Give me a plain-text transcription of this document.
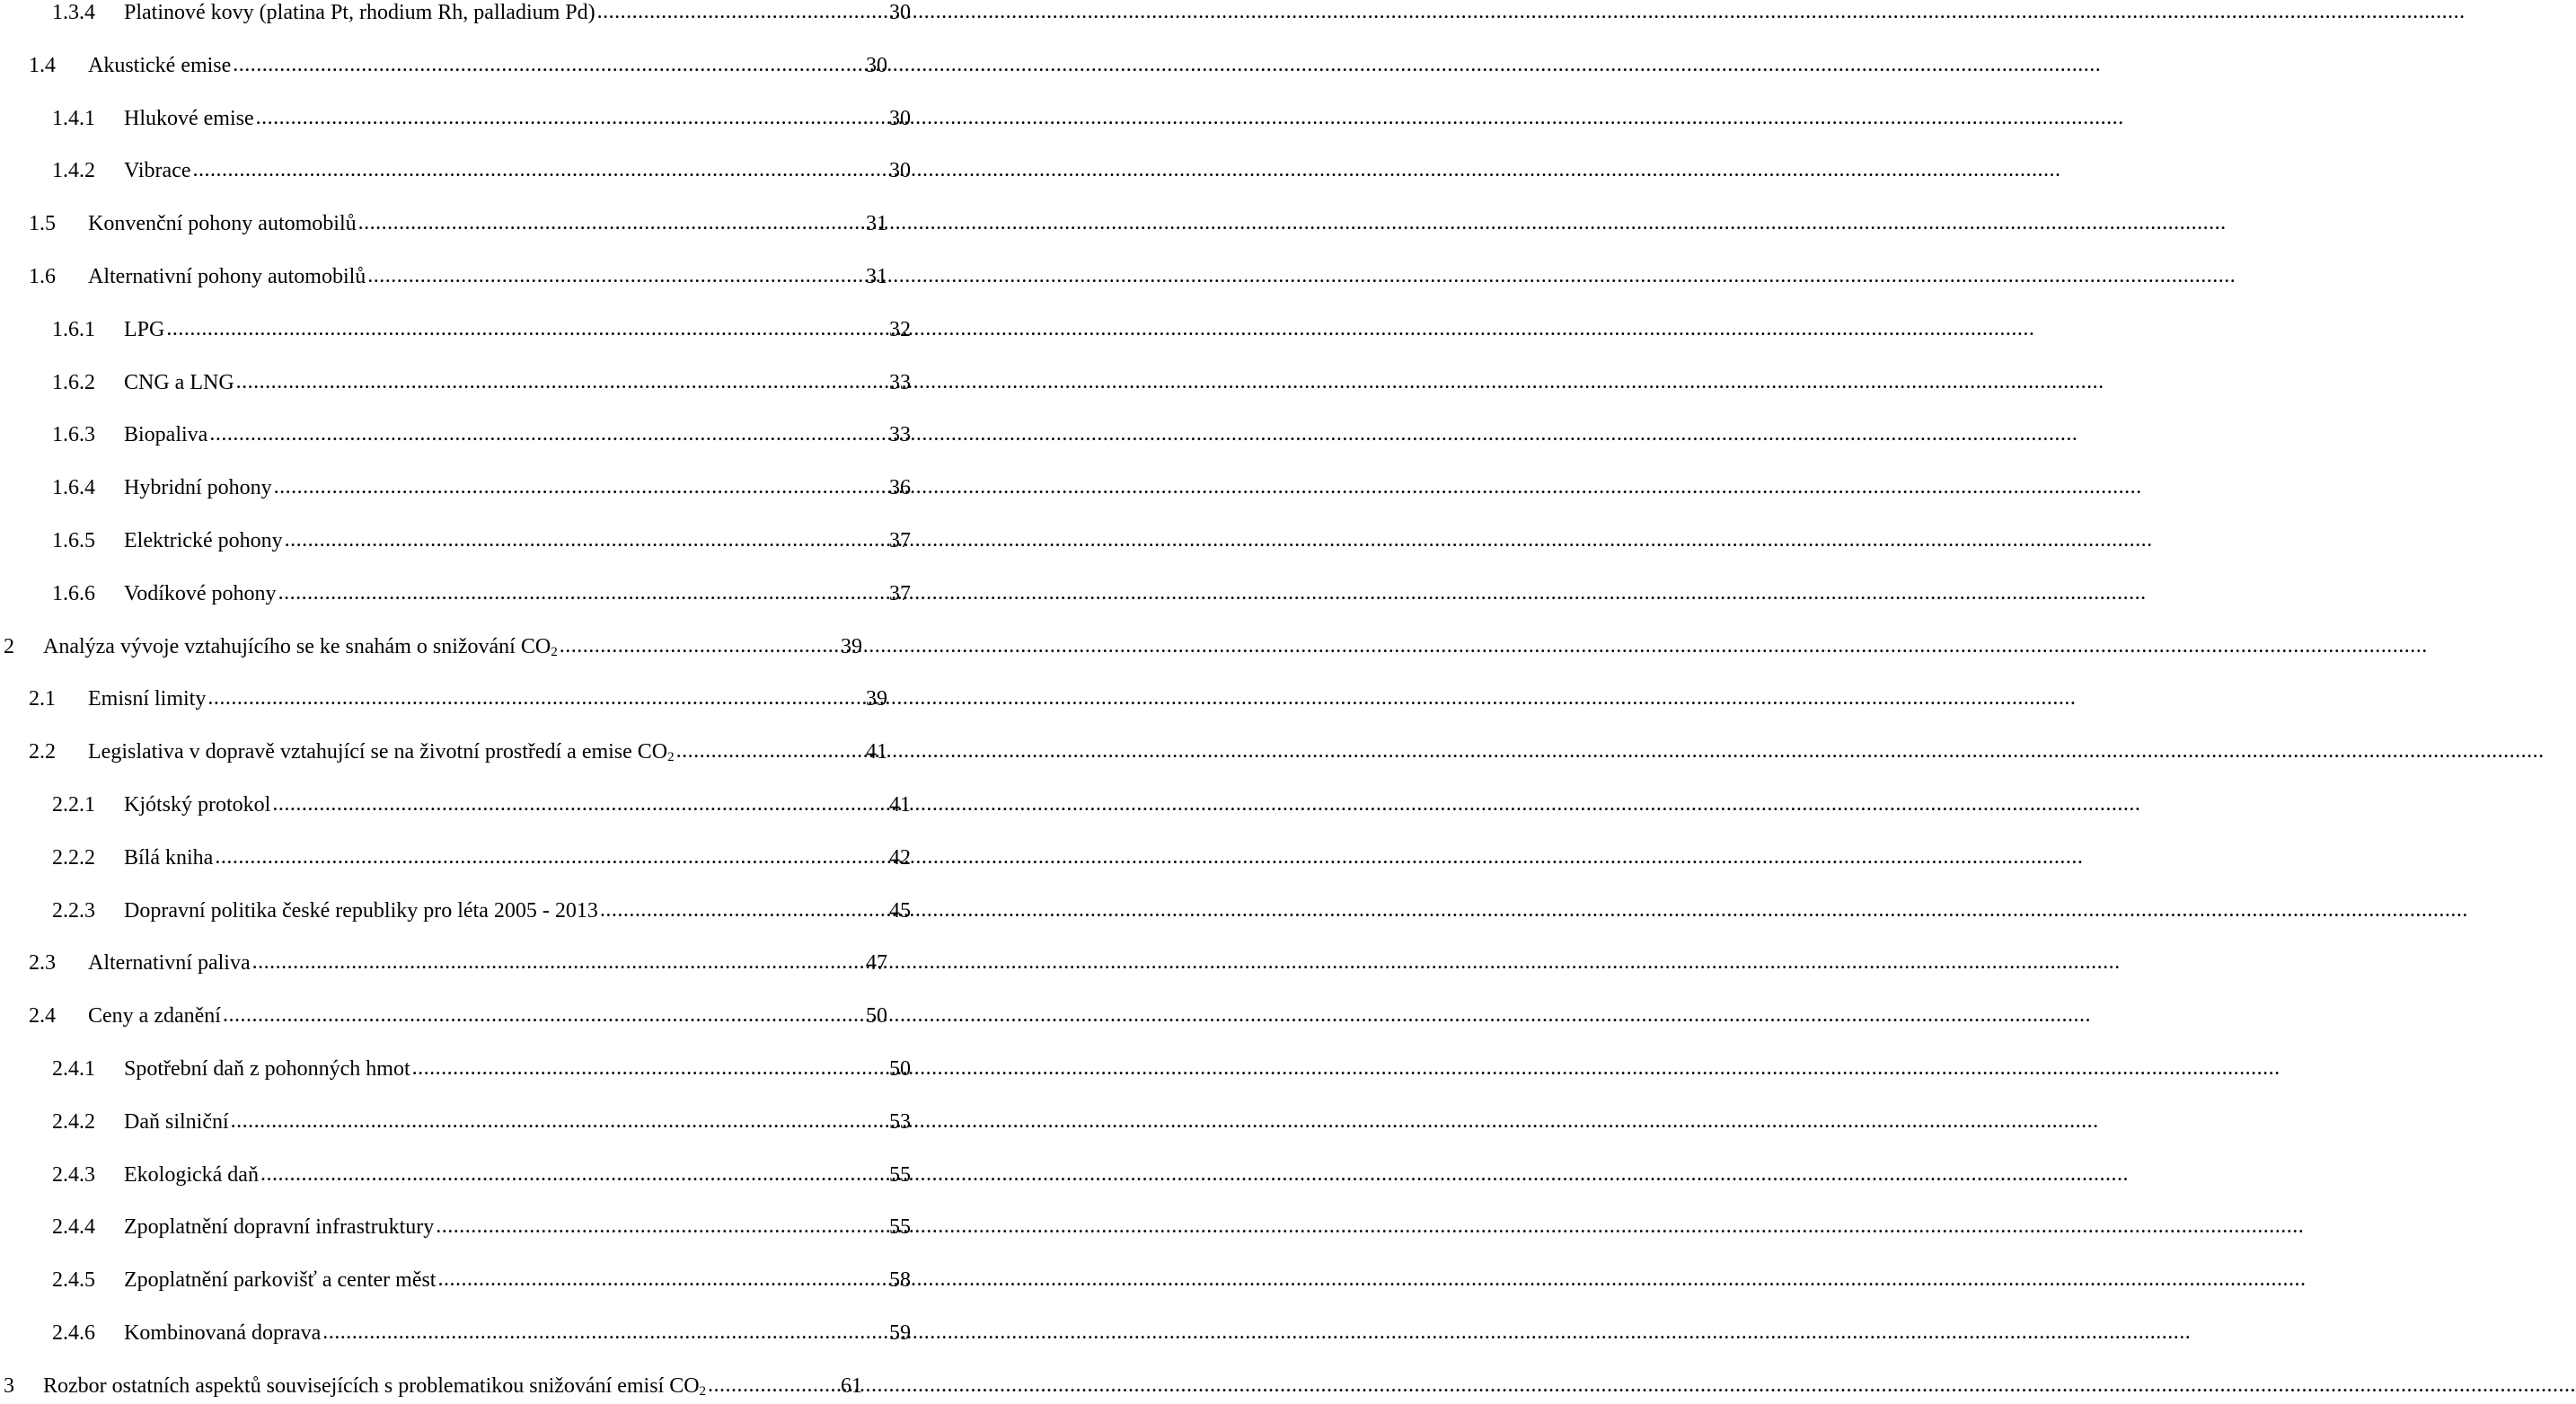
1.3.4	Platinové kovy (platina Pt, rhodium Rh, palladium Pd) .....	30
1.4	Akustické emise .....	30
1.4.1	Hlukové emise .....	30
1.4.2	Vibrace .....	30
1.5	Konvenční pohony automobilů .....	31
1.6	Alternativní pohony automobilů .....	31
1.6.1	LPG .....	32
1.6.2	CNG a LNG .....	33
1.6.3	Biopaliva .....	33
1.6.4	Hybridní pohony .....	36
1.6.5	Elektrické pohony .....	37
1.6.6	Vodíkové pohony .....	37
2	Analýza vývoje vztahujícího se ke snahám o snižování $CO_2$ .....	39
2.1	Emisní limity .....	39
2.2	Legislativa v dopravě vztahující se na životní prostředí a emise $CO_2$ .....	41
2.2.1	Kjótský protokol .....	41
2.2.2	Bílá kniha .....	42
2.2.3	Dopravní politika české republiky pro léta 2005 - 2013 .....	45
2.3	Alternativní paliva .....	47
2.4	Ceny a zdanění .....	50
2.4.1	Spotřební daň z pohonných hmot .....	50
2.4.2	Daň silniční .....	53
2.4.3	Ekologická daň .....	55
2.4.4	Zpoplatnění dopravní infrastruktury .....	55
2.4.5	Zpoplatnění parkovišť a center měst .....	58
2.4.6	Kombinovaná doprava .....	59
3	Rozbor ostatních aspektů souvisejících s problematikou snižování emisí $CO_2$ .....	61
